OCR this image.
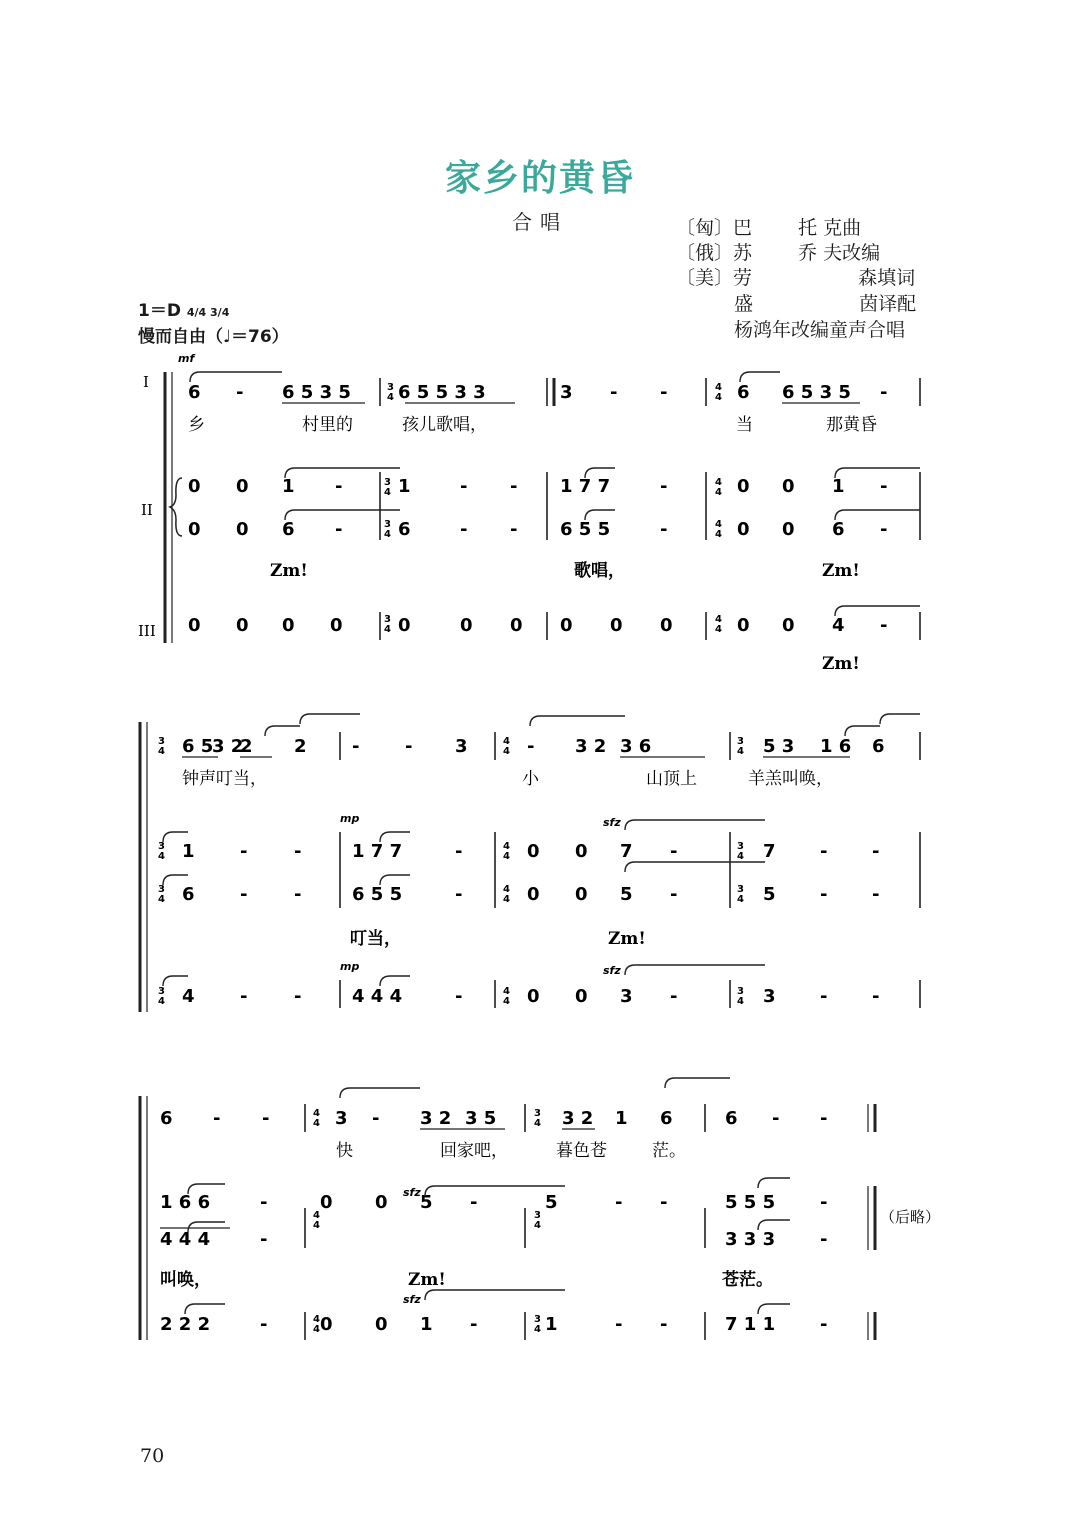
家乡的黄昏
合唱	〔匈〕巴 托 克曲
〔俄〕苏 乔 夫改编
〔美〕劳	森填词
盛	茵译配
杨鸿年改编童声合唱
1＝D 4/4 3/4
慢而自由（♩＝76）
I
II
III
mf
3
4
4
4
3
4
3
4
4
4
4
4
3
4
4
4
6 - 6 5 3 5	6 5 5 3 3	3 - -	6 6 5 3 5 -
乡	村里的	孩儿歌唱，	当	那黄昏
0 0 1 -	1	- - 1 7 7	-	0 0 1 -
0 0 6 -	6	- - 6 5 5	-	0 0 6 -
Zm!	歌唱，	Zm!
0 0 0 0	0	0 0 0 0 0	0 0 4 -
Zm!
3
4
4
4
3
4
3
4
3
4
4
4
4
4
3
4
3
4
3
4
4
4
3
4
6 5
3 2
2 2	-	- 3	- 3 2 3 6	5 3 1 6 6
钟声叮当，	小	山顶上	羊羔叫唤，
1	-	-	1 7 7	-	0 0 7 -	7 - -
6	-	-	6 5 5	-	0 0 5 -	5 - -
mp	sfz
叮当，	Zm!
4	-	-	4 4 4	-	0 0 3 -	3 - -
mp	sfz
4
4
3
4
4
4
3
4
4
4
3
4
6 - -	3 - 3 2 3 5	3 2 1 6	6 - -
快	回家吧，	暮色苍	茫。
1 6 6	-	0 0 5 -	5	- -	5 5 5 -
4 4 4	-	3 3 3 -
sfz
（后略）
叫唤，	Zm!	苍茫。
2 2 2	-	0 0 1 -	1	- -	7 1 1 -
sfz
70
